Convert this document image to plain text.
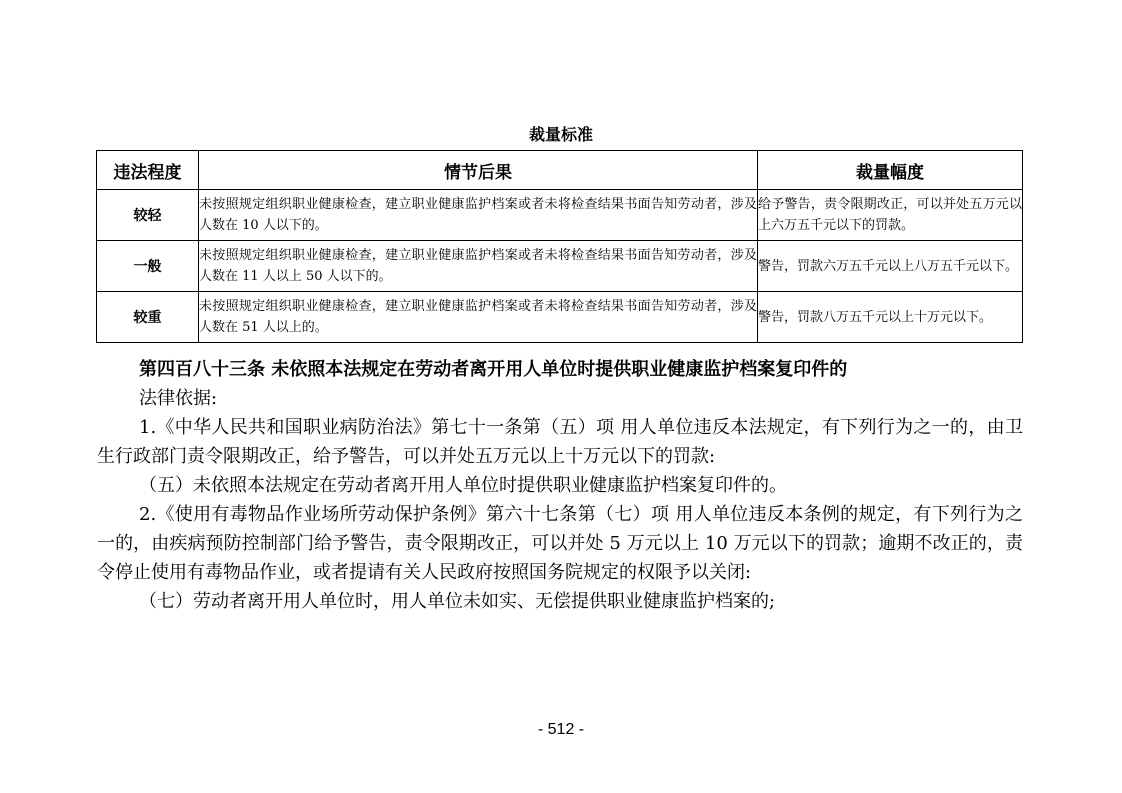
裁量标准
违法程度	情节后果	裁量幅度
较轻	未按照规定组织职业健康检查，建立职业健康监护档案或者未将检查结果书面告知劳动者，涉及人数在 10 人以下的。	给予警告，责令限期改正，可以并处五万元以上六万五千元以下的罚款。
一般	未按照规定组织职业健康检查，建立职业健康监护档案或者未将检查结果书面告知劳动者，涉及人数在 11 人以上 50 人以下的。	警告，罚款六万五千元以上八万五千元以下。
较重	未按照规定组织职业健康检查，建立职业健康监护档案或者未将检查结果书面告知劳动者，涉及人数在 51 人以上的。	警告，罚款八万五千元以上十万元以下。
第四百八十三条 未依照本法规定在劳动者离开用人单位时提供职业健康监护档案复印件的

法律依据:

1.《中华人民共和国职业病防治法》第七十一条第（五）项 用人单位违反本法规定，有下列行为之一的，由卫生行政部门责令限期改正，给予警告，可以并处五万元以上十万元以下的罚款:

（五）未依照本法规定在劳动者离开用人单位时提供职业健康监护档案复印件的。

2.《使用有毒物品作业场所劳动保护条例》第六十七条第（七）项 用人单位违反本条例的规定，有下列行为之一的，由疾病预防控制部门给予警告，责令限期改正，可以并处 5 万元以上 10 万元以下的罚款；逾期不改正的，责令停止使用有毒物品作业，或者提请有关人民政府按照国务院规定的权限予以关闭:

（七）劳动者离开用人单位时，用人单位未如实、无偿提供职业健康监护档案的;

- 512 -
